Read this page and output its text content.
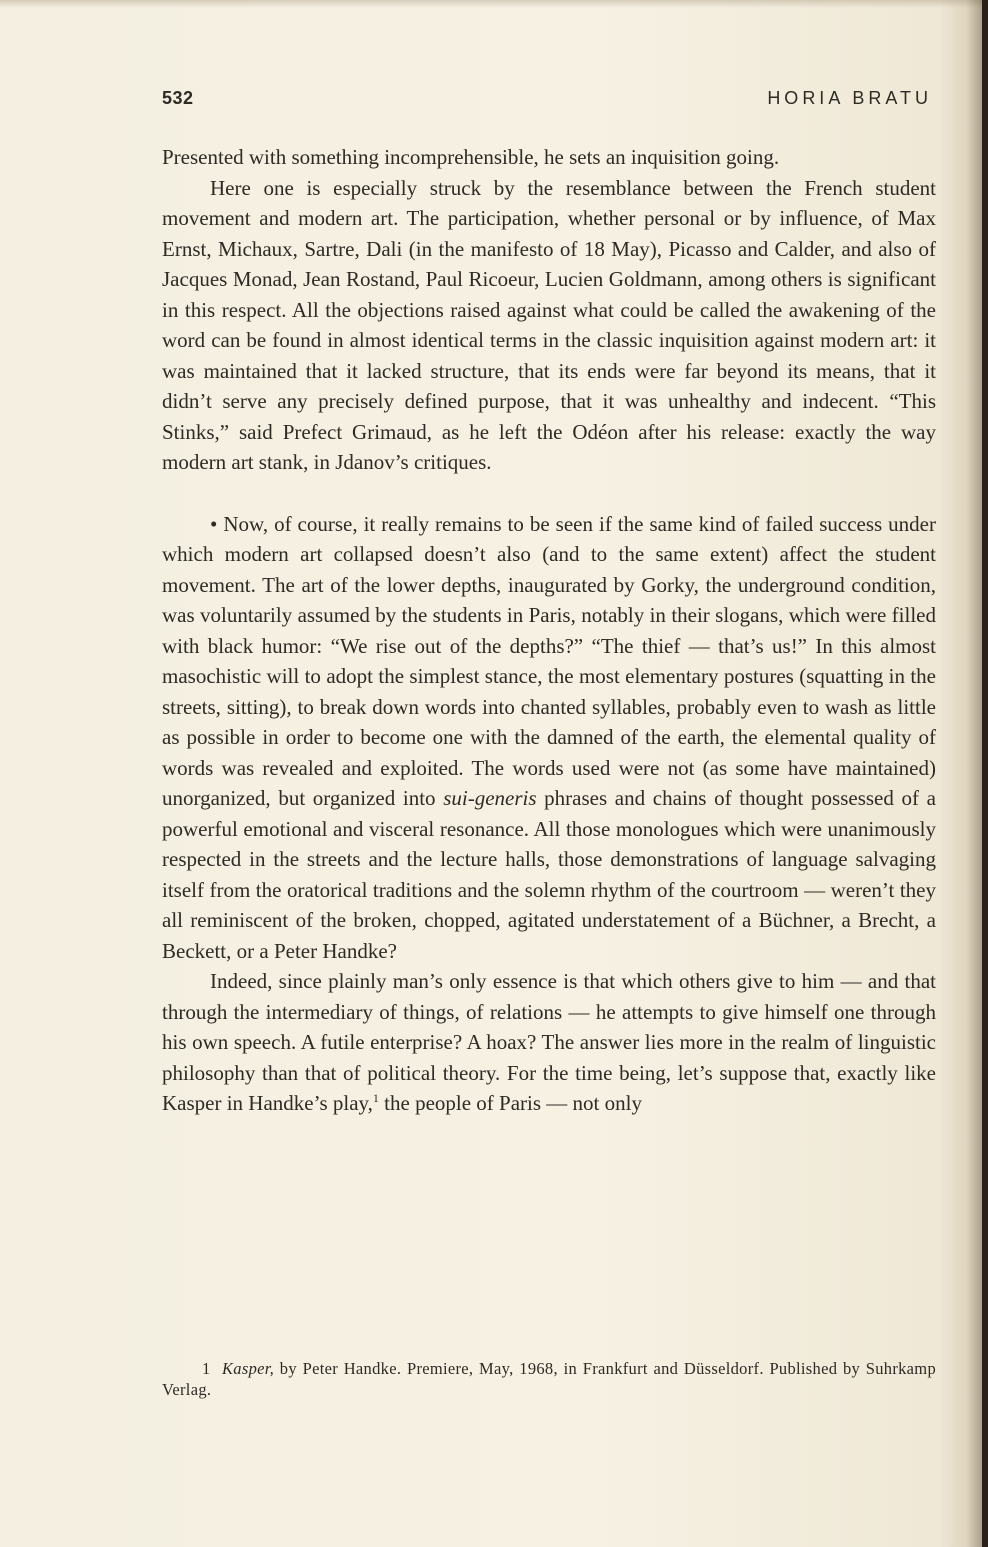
532	HORIA BRATU

Presented with something incomprehensible, he sets an inquisition going.

Here one is especially struck by the resemblance between the French student movement and modern art. The participation, whether personal or by influence, of Max Ernst, Michaux, Sartre, Dali (in the manifesto of 18 May), Picasso and Calder, and also of Jacques Monad, Jean Rostand, Paul Ricoeur, Lucien Goldmann, among others is significant in this respect. All the objections raised against what could be called the awakening of the word can be found in almost identical terms in the classic inquisition against modern art: it was maintained that it lacked structure, that its ends were far beyond its means, that it didn’t serve any precisely defined purpose, that it was unhealthy and indecent. “This Stinks,” said Prefect Grimaud, as he left the Odéon after his release: exactly the way modern art stank, in Jdanov’s critiques.

• Now, of course, it really remains to be seen if the same kind of failed success under which modern art collapsed doesn’t also (and to the same extent) affect the student movement. The art of the lower depths, inaugurated by Gorky, the underground condition, was voluntarily assumed by the students in Paris, notably in their slogans, which were filled with black humor: “We rise out of the depths?” “The thief — that’s us!” In this almost masochistic will to adopt the simplest stance, the most elementary postures (squatting in the streets, sitting), to break down words into chanted syllables, probably even to wash as little as possible in order to become one with the damned of the earth, the elemental quality of words was revealed and exploited. The words used were not (as some have maintained) unorganized, but organized into sui-generis phrases and chains of thought possessed of a powerful emotional and visceral resonance. All those monologues which were unanimously respected in the streets and the lecture halls, those demonstrations of language salvaging itself from the oratorical traditions and the solemn rhythm of the courtroom — weren’t they all reminiscent of the broken, chopped, agitated understatement of a Büchner, a Brecht, a Beckett, or a Peter Handke?

Indeed, since plainly man’s only essence is that which others give to him — and that through the intermediary of things, of relations — he attempts to give himself one through his own speech. A futile enterprise? A hoax? The answer lies more in the realm of linguistic philosophy than that of political theory. For the time being, let’s suppose that, exactly like Kasper in Handke’s play,$^1$ the people of Paris — not only

1 Kasper, by Peter Handke. Premiere, May, 1968, in Frankfurt and Düsseldorf. Published by Suhrkamp Verlag.
